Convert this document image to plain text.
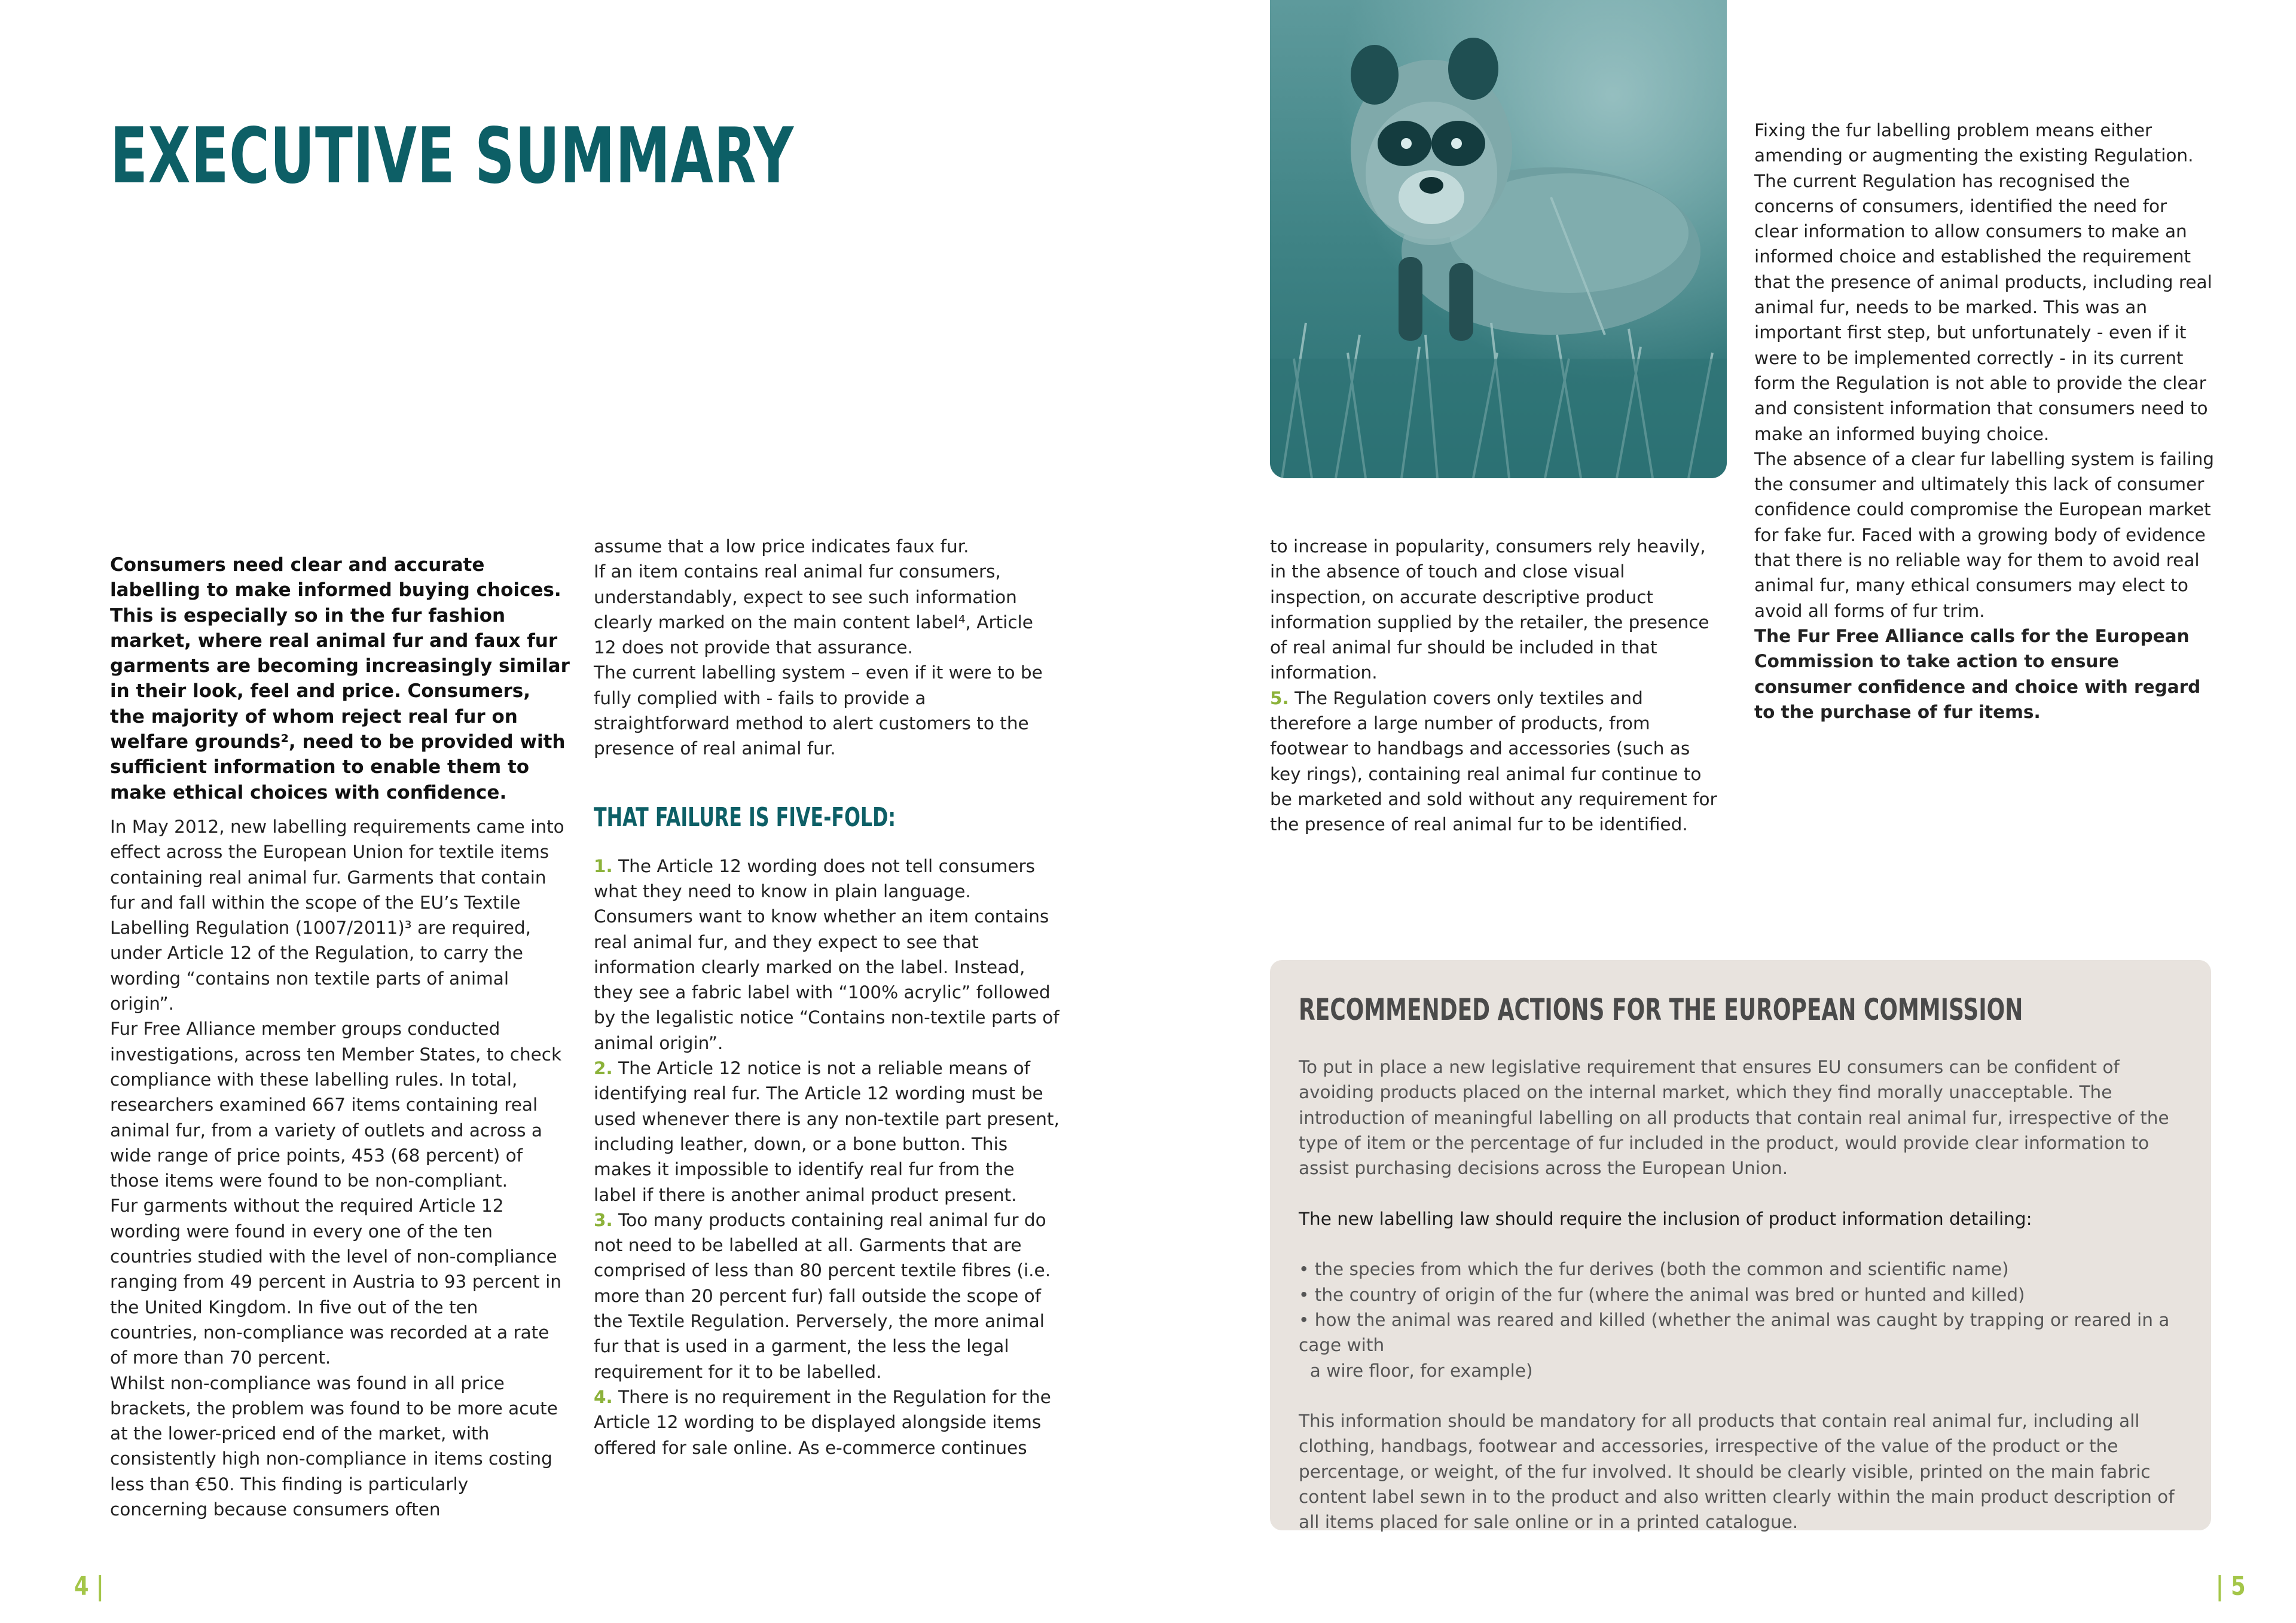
EXECUTIVE SUMMARY

Consumers need clear and accurate labelling to make informed buying choices. This is especially so in the fur fashion market, where real animal fur and faux fur garments are becoming increasingly similar in their look, feel and price. Consumers, the majority of whom reject real fur on welfare grounds², need to be provided with sufficient information to enable them to make ethical choices with confidence.

In May 2012, new labelling requirements came into effect across the European Union for textile items containing real animal fur. Garments that contain fur and fall within the scope of the EU’s Textile Labelling Regulation (1007/2011)³ are required, under Article 12 of the Regulation, to carry the wording “contains non textile parts of animal origin”.

Fur Free Alliance member groups conducted investigations, across ten Member States, to check compliance with these labelling rules. In total, researchers examined 667 items containing real animal fur, from a variety of outlets and across a wide range of price points, 453 (68 percent) of those items were found to be non-compliant.

Fur garments without the required Article 12 wording were found in every one of the ten countries studied with the level of non-compliance ranging from 49 percent in Austria to 93 percent in the United Kingdom. In five out of the ten countries, non-compliance was recorded at a rate of more than 70 percent.

Whilst non-compliance was found in all price brackets, the problem was found to be more acute at the lower-priced end of the market, with consistently high non-compliance in items costing less than €50. This finding is particularly concerning because consumers often

assume that a low price indicates faux fur.

If an item contains real animal fur consumers, understandably, expect to see such information clearly marked on the main content label⁴, Article 12 does not provide that assurance.

The current labelling system – even if it were to be fully complied with - fails to provide a straightforward method to alert customers to the presence of real animal fur.

THAT FAILURE IS FIVE-FOLD:

1. The Article 12 wording does not tell consumers what they need to know in plain language. Consumers want to know whether an item contains real animal fur, and they expect to see that information clearly marked on the label. Instead, they see a fabric label with “100% acrylic” followed by the legalistic notice “Contains non-textile parts of animal origin”.

2. The Article 12 notice is not a reliable means of identifying real fur. The Article 12 wording must be used whenever there is any non-textile part present, including leather, down, or a bone button. This makes it impossible to identify real fur from the label if there is another animal product present.

3. Too many products containing real animal fur do not need to be labelled at all. Garments that are comprised of less than 80 percent textile fibres (i.e. more than 20 percent fur) fall outside the scope of the Textile Regulation. Perversely, the more animal fur that is used in a garment, the less the legal requirement for it to be labelled.

4. There is no requirement in the Regulation for the Article 12 wording to be displayed alongside items offered for sale online. As e-commerce continues

to increase in popularity, consumers rely heavily, in the absence of touch and close visual inspection, on accurate descriptive product information supplied by the retailer, the presence of real animal fur should be included in that information.

5. The Regulation covers only textiles and therefore a large number of products, from footwear to handbags and accessories (such as key rings), containing real animal fur continue to be marketed and sold without any requirement for the presence of real animal fur to be identified.

Fixing the fur labelling problem means either amending or augmenting the existing Regulation. The current Regulation has recognised the concerns of consumers, identified the need for clear information to allow consumers to make an informed choice and established the requirement that the presence of animal products, including real animal fur, needs to be marked. This was an important first step, but unfortunately - even if it were to be implemented correctly - in its current form the Regulation is not able to provide the clear and consistent information that consumers need to make an informed buying choice.

The absence of a clear fur labelling system is failing the consumer and ultimately this lack of consumer confidence could compromise the European market for fake fur. Faced with a growing body of evidence that there is no reliable way for them to avoid real animal fur, many ethical consumers may elect to avoid all forms of fur trim.

The Fur Free Alliance calls for the European Commission to take action to ensure consumer confidence and choice with regard to the purchase of fur items.

RECOMMENDED ACTIONS FOR THE EUROPEAN COMMISSION

To put in place a new legislative requirement that ensures EU consumers can be confident of avoiding products placed on the internal market, which they find morally unacceptable. The introduction of meaningful labelling on all products that contain real animal fur, irrespective of the type of item or the percentage of fur included in the product, would provide clear information to assist purchasing decisions across the European Union.

The new labelling law should require the inclusion of product information detailing:

• the species from which the fur derives (both the common and scientific name)
• the country of origin of the fur (where the animal was bred or hunted and killed)
• how the animal was reared and killed (whether the animal was caught by trapping or reared in a cage with
a wire floor, for example)

This information should be mandatory for all products that contain real animal fur, including all clothing, handbags, footwear and accessories, irrespective of the value of the product or the percentage, or weight, of the fur involved. It should be clearly visible, printed on the main fabric content label sewn in to the product and also written clearly within the main product description of all items placed for sale online or in a printed catalogue.

4 |	| 5
